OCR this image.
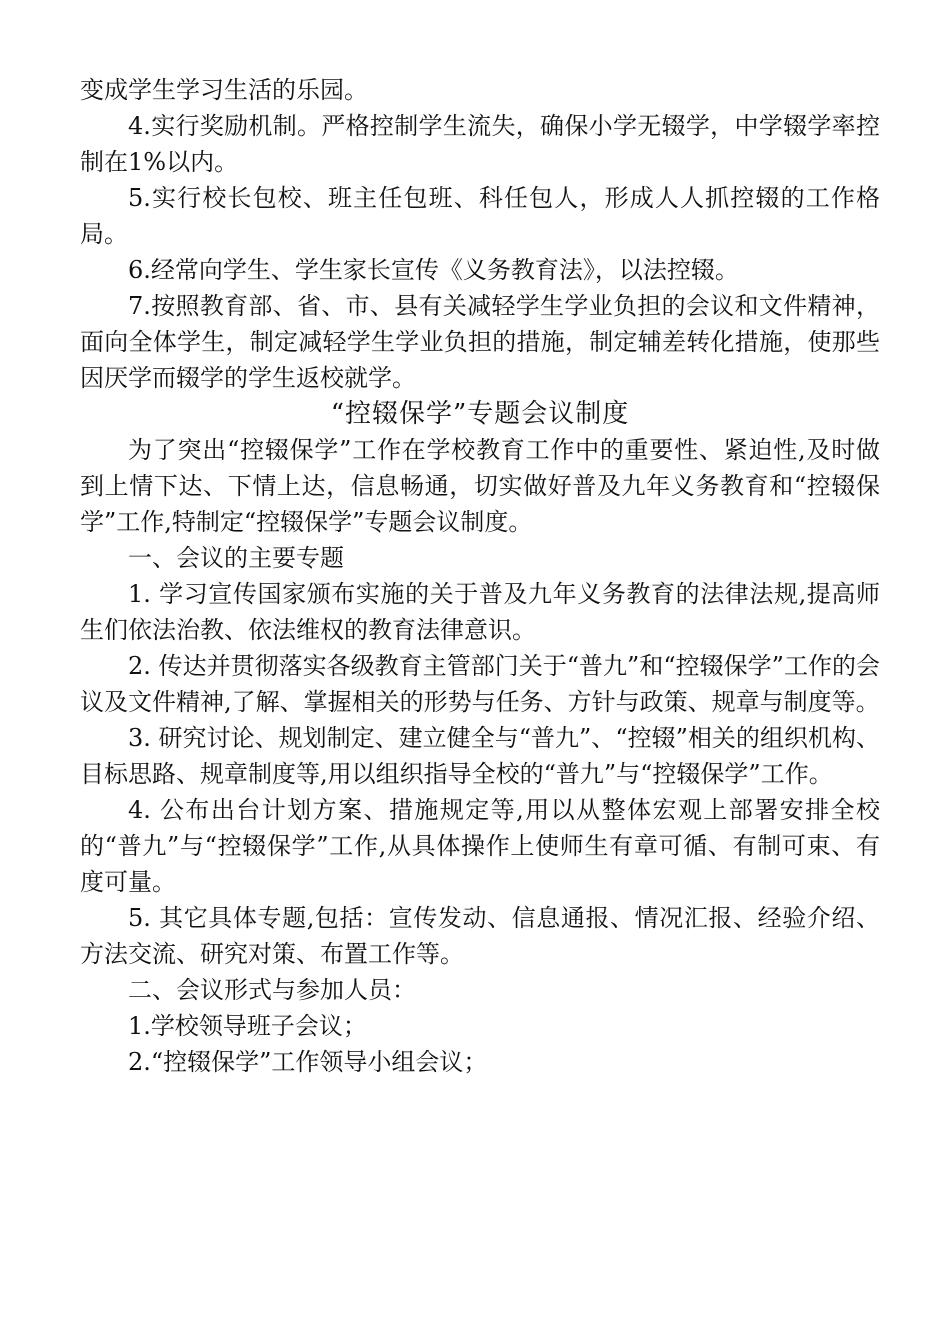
变成学生学习生活的乐园。
4.实行奖励机制。严格控制学生流失，确保小学无辍学，中学辍学率控制在1%以内。
5.实行校长包校、班主任包班、科任包人，形成人人抓控辍的工作格局。
6.经常向学生、学生家长宣传《义务教育法》，以法控辍。
7.按照教育部、省、市、县有关减轻学生学业负担的会议和文件精神，面向全体学生，制定减轻学生学业负担的措施，制定辅差转化措施，使那些因厌学而辍学的学生返校就学。
“控辍保学”专题会议制度
为了突出“控辍保学”工作在学校教育工作中的重要性、紧迫性,及时做到上情下达、下情上达，信息畅通，切实做好普及九年义务教育和“控辍保学”工作,特制定“控辍保学”专题会议制度。
一、会议的主要专题
1. 学习宣传国家颁布实施的关于普及九年义务教育的法律法规,提高师生们依法治教、依法维权的教育法律意识。
2. 传达并贯彻落实各级教育主管部门关于“普九”和“控辍保学”工作的会议及文件精神,了解、掌握相关的形势与任务、方针与政策、规章与制度等。
3. 研究讨论、规划制定、建立健全与“普九”、“控辍”相关的组织机构、目标思路、规章制度等,用以组织指导全校的“普九”与“控辍保学”工作。
4. 公布出台计划方案、措施规定等,用以从整体宏观上部署安排全校的“普九”与“控辍保学”工作,从具体操作上使师生有章可循、有制可束、有度可量。
5. 其它具体专题,包括：宣传发动、信息通报、情况汇报、经验介绍、方法交流、研究对策、布置工作等。
二、会议形式与参加人员：
1.学校领导班子会议；
2.“控辍保学”工作领导小组会议；
